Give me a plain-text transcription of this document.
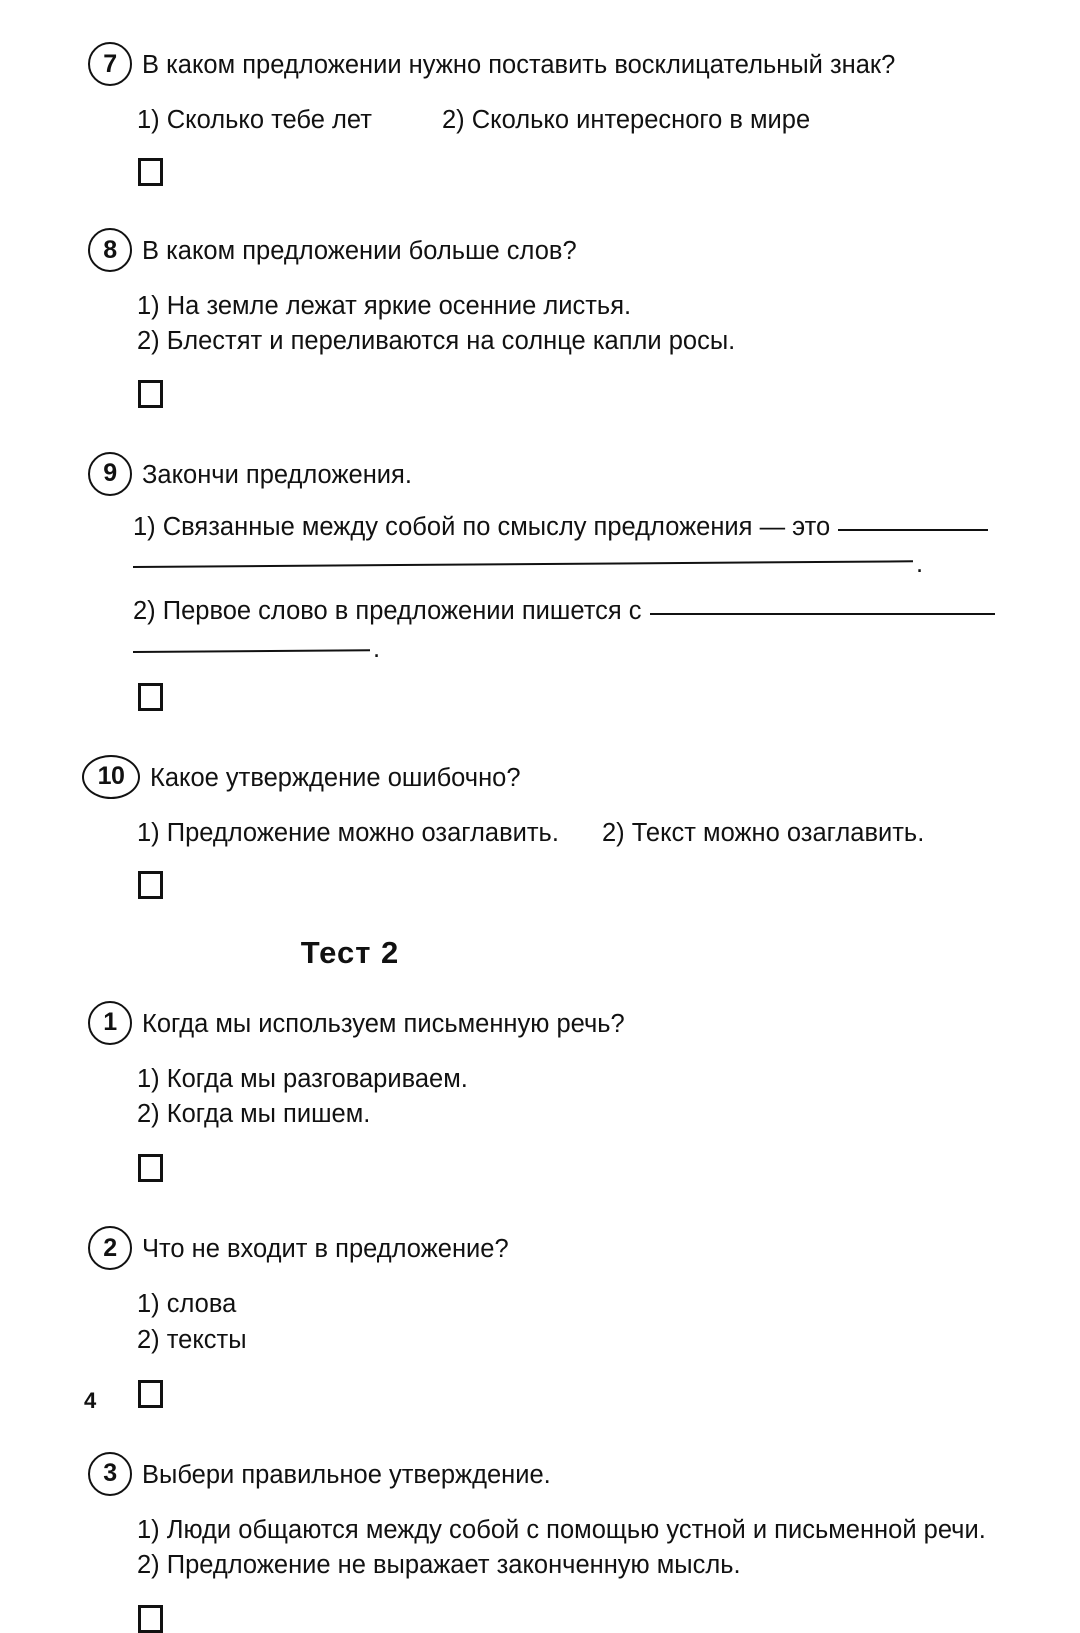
7 В каком предложении нужно поставить восклицательный знак?
1) Сколько тебе лет	2) Сколько интересного в мире
8 В каком предложении больше слов?
1) На земле лежат яркие осенние листья.
2) Блестят и переливаются на солнце капли росы.
9 Закончи предложения.
1) Связанные между собой по смыслу предложения — это
.
2) Первое слово в предложении пишется с
.
10	Какое утверждение ошибочно?
1) Предложение можно озаглавить.	2) Текст можно озаглавить.
Тест 2
1 Когда мы используем письменную речь?
1) Когда мы разговариваем.
2) Когда мы пишем.
2 Что не входит в предложение?
1) слова
2) тексты
3 Выбери правильное утверждение.
1) Люди общаются между собой с помощью устной и письменной речи.
2) Предложение не выражает законченную мысль.
4
